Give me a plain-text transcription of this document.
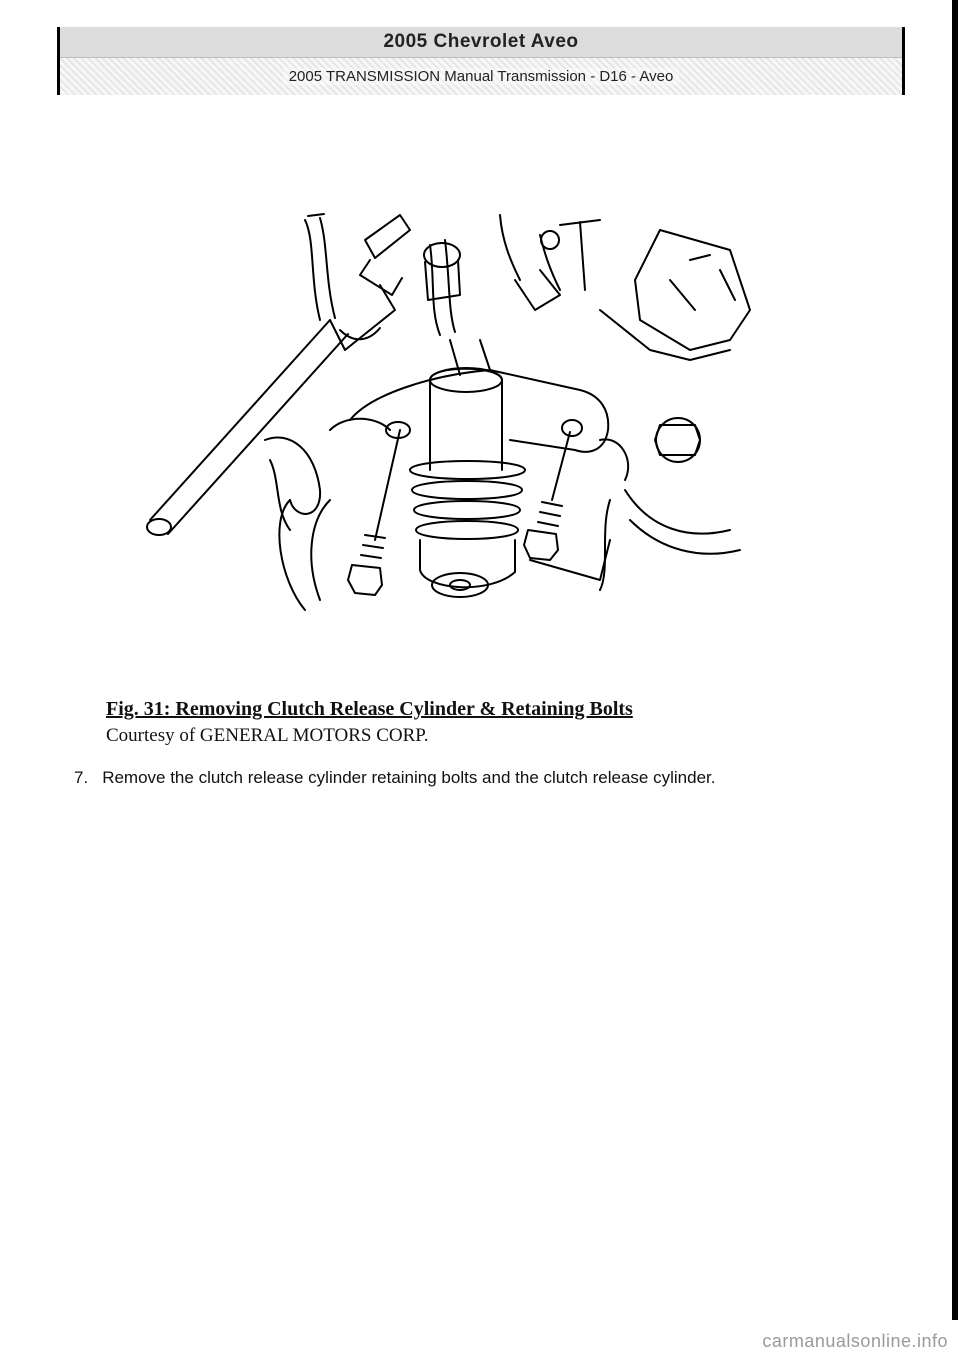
2005 Chevrolet Aveo
2005 TRANSMISSION Manual Transmission - D16 - Aveo

Fig. 31: Removing Clutch Release Cylinder & Retaining Bolts

Courtesy of GENERAL MOTORS CORP.

7. Remove the clutch release cylinder retaining bolts and the clutch release cylinder.
carmanualsonline.info
